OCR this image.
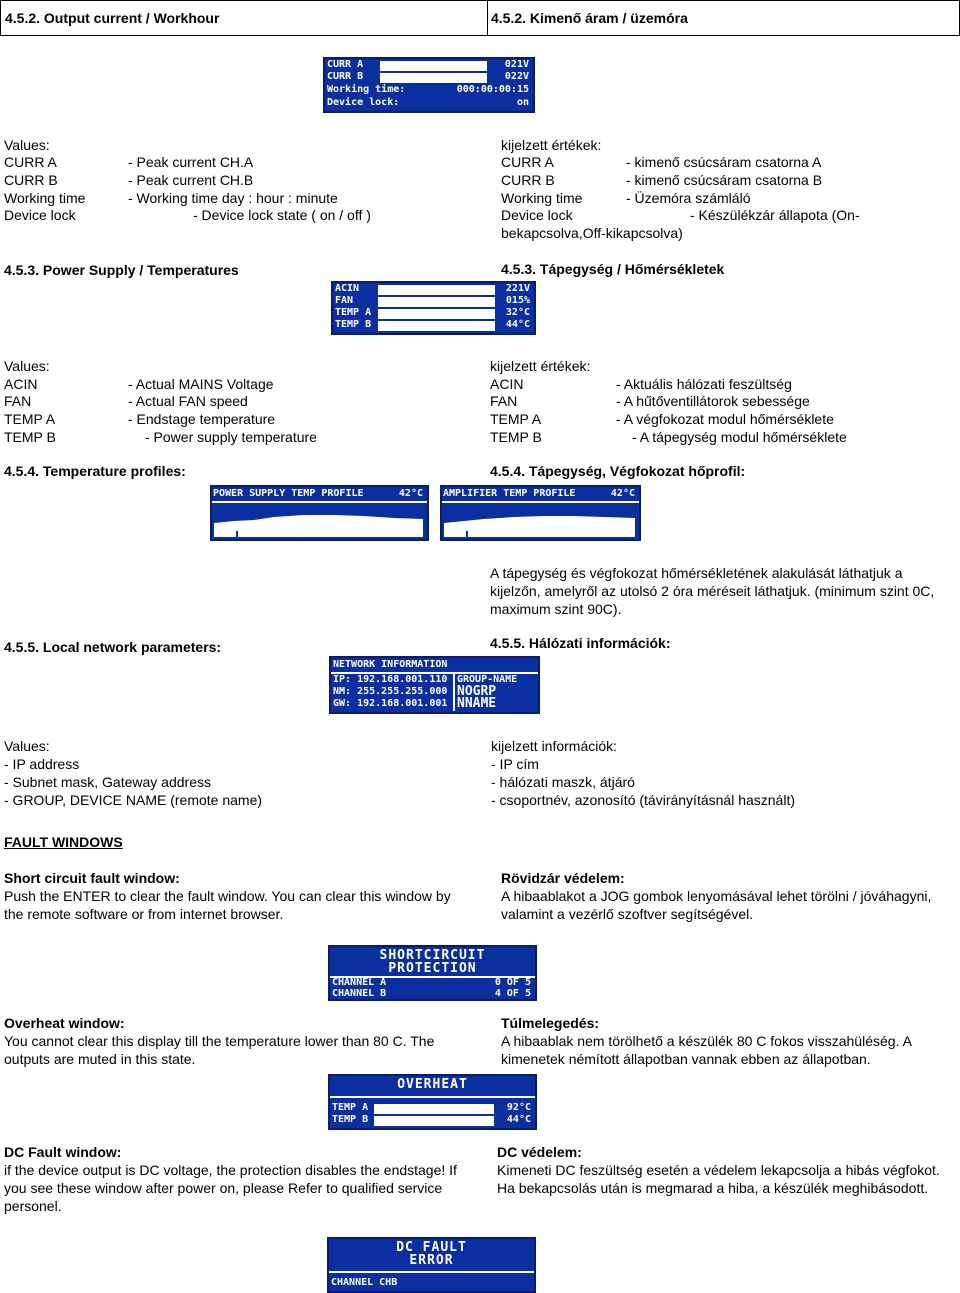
4.5.2. Output current / Workhour	4.5.2. Kimenő áram / üzemóra
CURR A	021V
CURR B	022V
Working time:	000:00:00:15
Device lock:	on
Values:
CURR A	- Peak current CH.A
CURR B	- Peak current CH.B
Working time	- Working time day : hour : minute
Device lock	- Device lock state ( on / off )
kijelzett értékek:
CURR A	- kimenő csúcsáram csatorna A
CURR B	- kimenő csúcsáram csatorna B
Working time	- Üzemóra számláló
Device lock	- Készülékzár állapota (On-
bekapcsolva,Off-kikapcsolva)
4.5.3. Power Supply / Temperatures	4.5.3. Tápegység / Hőmérsékletek
ACIN	221V
FAN	015%
TEMP A	32°C
TEMP B	44°C
Values:
ACIN	- Actual MAINS Voltage
FAN	- Actual FAN speed
TEMP A	- Endstage temperature
TEMP B	- Power supply temperature
kijelzett értékek:
ACIN	- Aktuális hálózati feszültség
FAN	- A hűtőventillátorok sebessége
TEMP A	- A végfokozat modul hőmérséklete
TEMP B	- A tápegység modul hőmérséklete
4.5.4. Temperature profiles:	4.5.4. Tápegység, Végfokozat hőprofil:
POWER SUPPLY TEMP PROFILE	42°C AMPLIFIER TEMP PROFILE	42°C
A tápegység és végfokozat hőmérsékletének alakulását láthatjuk a kijelzőn, amelyről az utolsó 2 óra méréseit láthatjuk. (minimum szint 0C, maximum szint 90C).
4.5.5. Local network parameters:	4.5.5. Hálózati információk:
NETWORK INFORMATION
IP: 192.168.001.110
NM: 255.255.255.000
GW: 192.168.001.001
GROUP-NAME
NOGRP
NNAME
Values:
- IP address
- Subnet mask, Gateway address
- GROUP, DEVICE NAME (remote name)
kijelzett információk:
- IP cím
- hálózati maszk, átjáró
- csoportnév, azonosító (távirányításnál használt)
FAULT WINDOWS
Short circuit fault window:
Push the ENTER to clear the fault window. You can clear this window by the remote software or from internet browser.
Rövidzár védelem:
A hibaablakot a JOG gombok lenyomásával lehet törölni / jóváhagyni, valamint a vezérlő szoftver segítségével.
SHORTCIRCUIT
PROTECTION
CHANNEL A	0 OF 5
CHANNEL B	4 OF 5
Overheat window:
You cannot clear this display till the temperature lower than 80 C. The outputs are muted in this state.
Túlmelegedés:
A hibaablak nem törölhető a készülék 80 C fokos visszahüléség. A kimenetek némított állapotban vannak ebben az állapotban.
OVERHEAT
TEMP A	92°C
TEMP B	44°C
DC Fault window:
if the device output is DC voltage, the protection disables the endstage! If you see these window after power on, please Refer to qualified service personel.
DC védelem:
Kimeneti DC feszültség esetén a védelem lekapcsolja a hibás végfokot. Ha bekapcsolás után is megmarad a hiba, a készülék meghibásodott.
DC FAULT
ERROR
CHANNEL CHB
